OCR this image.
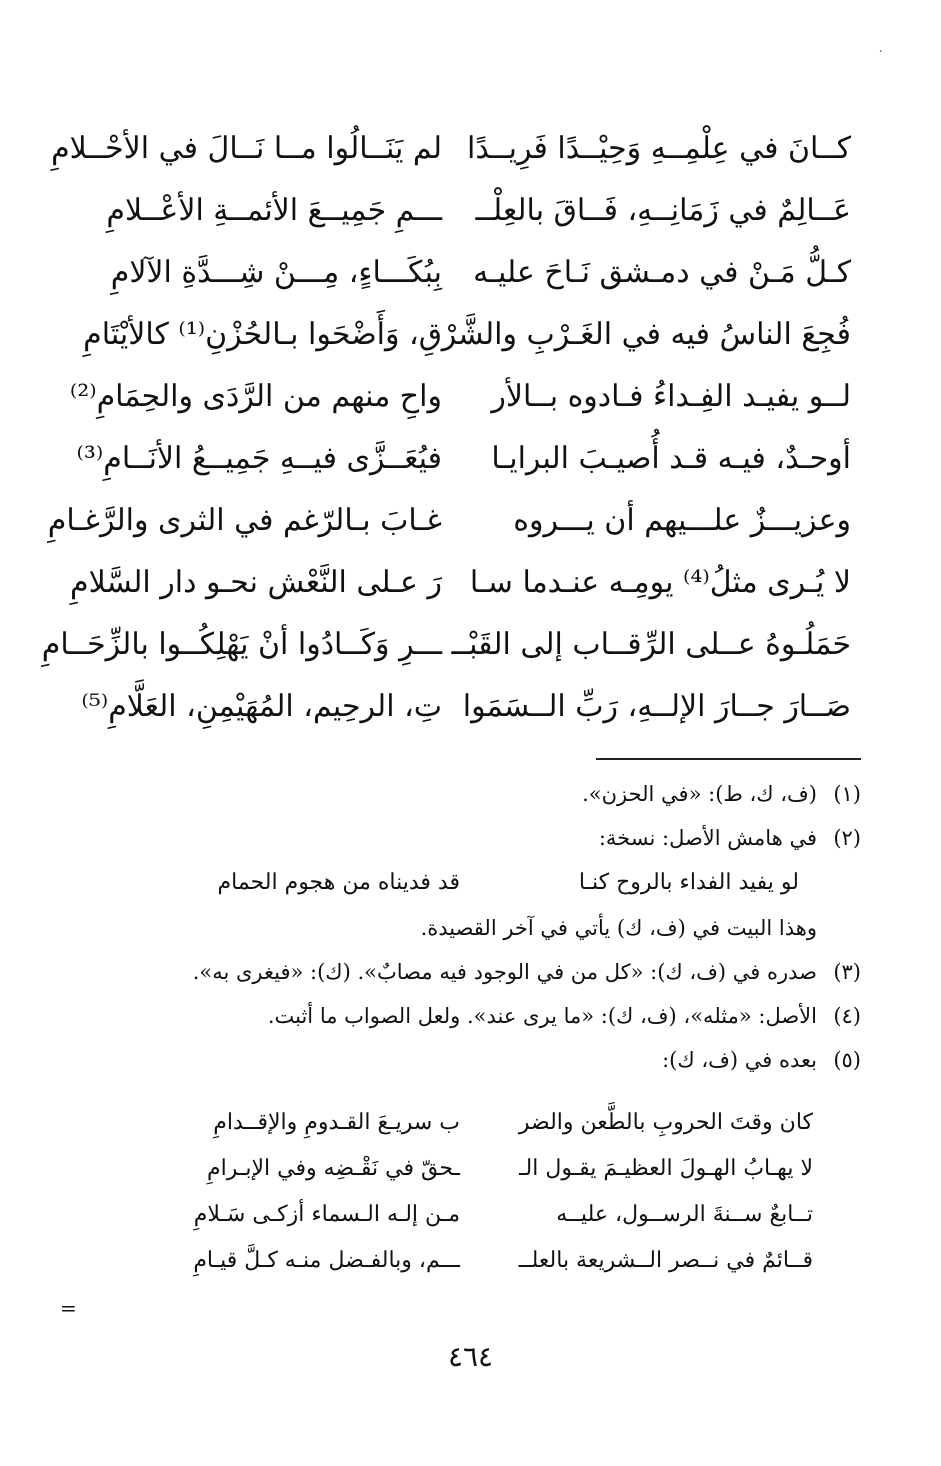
·
كــانَ في عِلْمِــهِ وَحِيْــدًا فَرِيــدًا
لم يَنَــالُوا مــا نَــالَ في الأحْــلامِ
عَــالِمٌ في زَمَانِــهِ، فَــاقَ بالعِلْــ
ـــمِ جَمِيــعَ الأئمــةِ الأعْــلامِ
كـلُّ مَـنْ في دمـشق نَـاحَ عليـه
بِبُكَـــاءٍ، مِـــنْ شِـــدَّةِ الآلامِ
فُجِعَ الناسُ فيه في الغَـرْبِ والشَّرْ
قِ، وَأَضْحَوا بـالحُزْنِ⁽¹⁾ كالأيْتَامِ
لــو يفيـد الفِـداءُ فـادوه بــالأر
واحِ منهم من الرَّدَى والحِمَامِ⁽²⁾
أوحـدٌ، فيـه قـد أُصيـبَ البرايـا
فيُعَــزَّى فيــهِ جَمِيــعُ الأنَــامِ⁽³⁾
وعزيـــزٌ علـــيهم أن يـــروه
غـابَ بـالرّغم في الثرى والرَّغـامِ
لا يُـرى مثلُ⁽⁴⁾ يومِـه عنـدما سـا
رَ عـلى النَّعْش نحـو دار السَّلامِ
حَمَلُـوهُ عــلى الرِّقــاب إلى القَبْــ
ـــرِ وَكَــادُوا أنْ يَهْلِكُــوا بالزِّحَــامِ
صَــارَ جــارَ الإلــهِ، رَبِّ الــسَمَوا
تِ، الرحِيم، المُهَيْمِنِ، العَلَّامِ⁽⁵⁾
(١)(ف، ك، ط): «في الحزن».
(٢)في هامش الأصل: نسخة:
لو يفيد الفداء بالروح كنـا
قد فديناه من هجوم الحمام
وهذا البيت في (ف، ك) يأتي في آخر القصيدة.
(٣)صدره في (ف، ك): «كل من في الوجود فيه مصابٌ». (ك): «فيغرى به».
(٤)الأصل: «مثله»، (ف، ك): «ما يرى عند». ولعل الصواب ما أثبت.
(٥)بعده في (ف، ك):
كان وقتَ الحروبِ بالطَّعن والضر
ب سريـعَ القـدومِ والإقــدامِ
لا يهـابُ الهـولَ العظيـمَ يقـول الـ
ـحقّ في نَقْـضِه وفي الإبـرامِ
تــابعٌ ســنةَ الرســول، عليــه
مـن إلـه الـسماء أزكـى سَـلامِ
قــائمٌ في نــصر الــشريعة بالعلــ
ـــم، وبالفـضل منـه كـلَّ قيـامِ
=
٤٦٤
